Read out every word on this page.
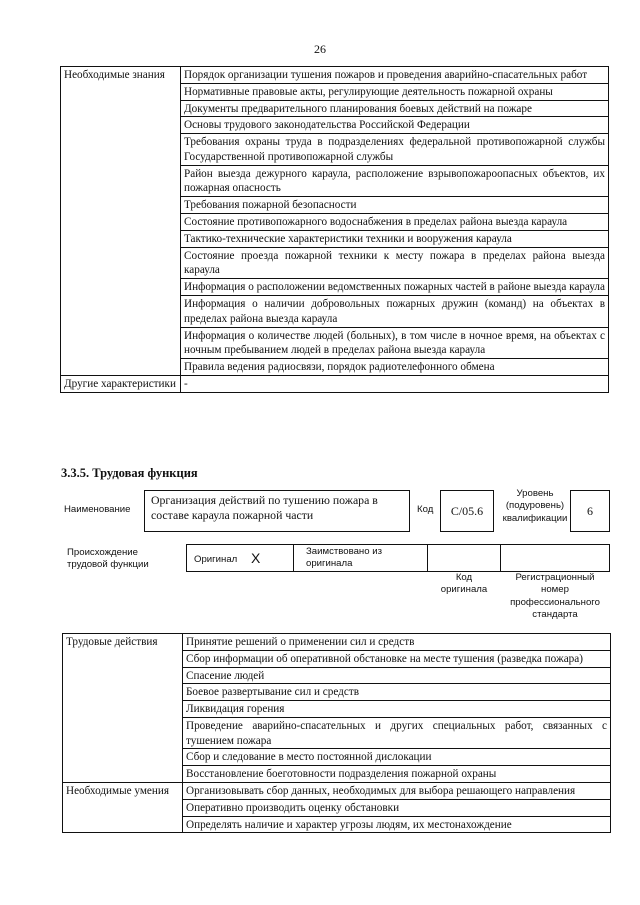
26
Необходимые знания	Порядок организации тушения пожаров и проведения аварийно-спасательных работ
	Нормативные правовые акты, регулирующие деятельность пожарной охраны
	Документы предварительного планирования боевых действий на пожаре
	Основы трудового законодательства Российской Федерации
	Требования охраны труда в подразделениях федеральной противопожарной службы Государственной противопожарной службы
	Район выезда дежурного караула, расположение взрывопожароопасных объектов, их пожарная опасность
	Требования пожарной безопасности
	Состояние противопожарного водоснабжения в пределах района выезда караула
	Тактико-технические характеристики техники и вооружения караула
	Состояние проезда пожарной техники к месту пожара в пределах района выезда караула
	Информация о расположении ведомственных пожарных частей в районе выезда караула
	Информация о наличии добровольных пожарных дружин (команд) на объектах в пределах района выезда караула
	Информация о количестве людей (больных), в том числе в ночное время, на объектах с ночным пребыванием людей в пределах района выезда караула
	Правила ведения радиосвязи, порядок радиотелефонного обмена
Другие характеристики	-
3.3.5. Трудовая функция
Наименование
Организация действий по тушению пожара в составе караула пожарной части	Код	C/05.6
Уровень (подуровень) квалификации
6
Происхождение трудовой функции	Оригинал X	Заимствовано из оригинала
Код оригинала
Регистрационный номер профессионального стандарта
Трудовые действия	Принятие решений о применении сил и средств
	Сбор информации об оперативной обстановке на месте тушения (разведка пожара)
	Спасение людей
	Боевое развертывание сил и средств
	Ликвидация горения
	Проведение аварийно-спасательных и других специальных работ, связанных с тушением пожара
	Сбор и следование в место постоянной дислокации
	Восстановление боеготовности подразделения пожарной охраны
Необходимые умения	Организовывать сбор данных, необходимых для выбора решающего направления
	Оперативно производить оценку обстановки
	Определять наличие и характер угрозы людям, их местонахождение
